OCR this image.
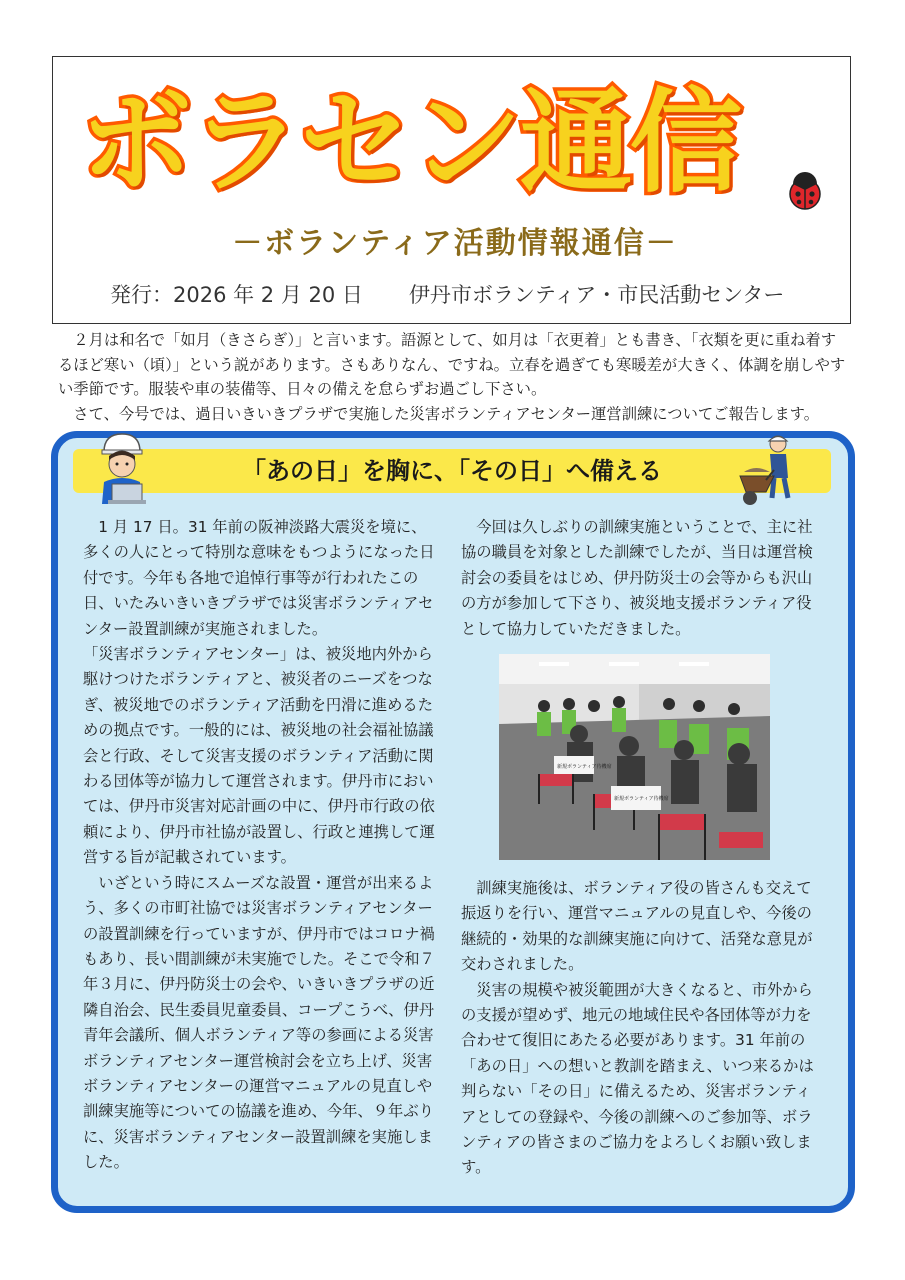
ボラセン通信
－ボランティア活動情報通信－
発行：2026 年 2 月 20 日 伊丹市ボランティア・市民活動センター

２月は和名で「如月（きさらぎ）」と言います。語源として、如月は「衣更着」とも書き、「衣類を更に重ね着するほど寒い（頃）」という説があります。さもありなん、ですね。立春を過ぎても寒暖差が大きく、体調を崩しやすい季節です。服装や車の装備等、日々の備えを怠らずお過ごし下さい。

さて、今号では、過日いきいきプラザで実施した災害ボランティアセンター運営訓練についてご報告します。

「あの日」を胸に、「その日」へ備える

1 月 17 日。31 年前の阪神淡路大震災を境に、多くの人にとって特別な意味をもつようになった日付です。今年も各地で追悼行事等が行われたこの日、いたみいきいきプラザでは災害ボランティアセンター設置訓練が実施されました。

「災害ボランティアセンター」は、被災地内外から駆けつけたボランティアと、被災者のニーズをつなぎ、被災地でのボランティア活動を円滑に進めるための拠点です。一般的には、被災地の社会福祉協議会と行政、そして災害支援のボランティア活動に関わる団体等が協力して運営されます。伊丹市においては、伊丹市災害対応計画の中に、伊丹市行政の依頼により、伊丹市社協が設置し、行政と連携して運営する旨が記載されています。

いざという時にスムーズな設置・運営が出来るよう、多くの市町社協では災害ボランティアセンターの設置訓練を行っていますが、伊丹市ではコロナ禍もあり、長い間訓練が未実施でした。そこで令和７年３月に、伊丹防災士の会や、いきいきプラザの近隣自治会、民生委員児童委員、コープこうべ、伊丹青年会議所、個人ボランティア等の参画による災害ボランティアセンター運営検討会を立ち上げ、災害ボランティアセンターの運営マニュアルの見直しや訓練実施等についての協議を進め、今年、９年ぶりに、災害ボランティアセンター設置訓練を実施しました。

今回は久しぶりの訓練実施ということで、主に社協の職員を対象とした訓練でしたが、当日は運営検討会の委員をはじめ、伊丹防災士の会等からも沢山の方が参加して下さり、被災地支援ボランティア役として協力していただきました。

新規ボランティア待機席
新規ボランティア待機席

訓練実施後は、ボランティア役の皆さんも交えて振返りを行い、運営マニュアルの見直しや、今後の継続的・効果的な訓練実施に向けて、活発な意見が交わされました。

災害の規模や被災範囲が大きくなると、市外からの支援が望めず、地元の地域住民や各団体等が力を合わせて復旧にあたる必要があります。31 年前の「あの日」への想いと教訓を踏まえ、いつ来るかは判らない「その日」に備えるため、災害ボランティアとしての登録や、今後の訓練へのご参加等、ボランティアの皆さまのご協力をよろしくお願い致します。
